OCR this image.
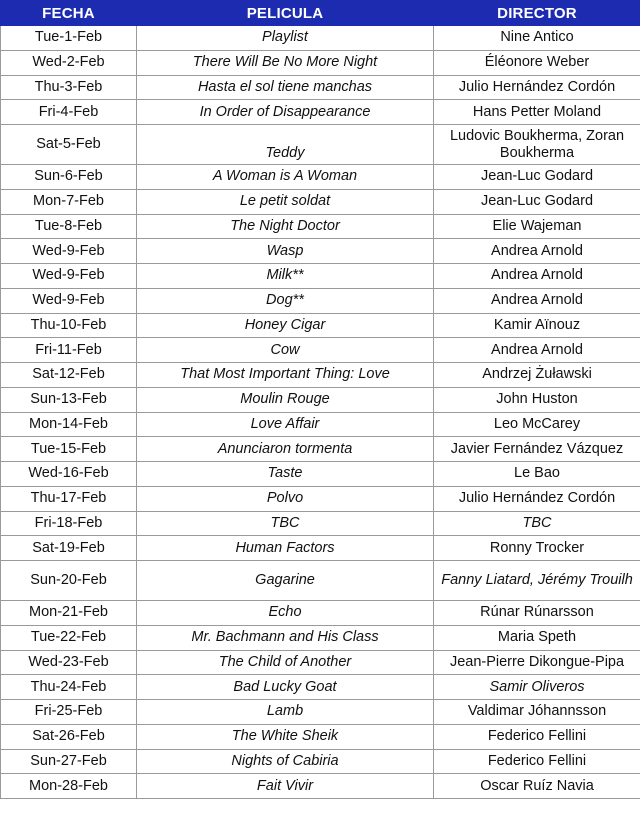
FECHA	PELICULA	DIRECTOR
Tue-1-Feb	Playlist	Nine Antico
Wed-2-Feb	There Will Be No More Night	Éléonore Weber
Thu-3-Feb	Hasta el sol tiene manchas	Julio Hernández Cordón
Fri-4-Feb	In Order of Disappearance	Hans Petter Moland
Sat-5-Feb	Teddy	Ludovic Boukherma, Zoran Boukherma
Sun-6-Feb	A Woman is A Woman	Jean-Luc Godard
Mon-7-Feb	Le petit soldat	Jean-Luc Godard
Tue-8-Feb	The Night Doctor	Elie Wajeman
Wed-9-Feb	Wasp	Andrea Arnold
Wed-9-Feb	Milk**	Andrea Arnold
Wed-9-Feb	Dog**	Andrea Arnold
Thu-10-Feb	Honey Cigar	Kamir Aïnouz
Fri-11-Feb	Cow	Andrea Arnold
Sat-12-Feb	That Most Important Thing: Love	Andrzej Żuławski
Sun-13-Feb	Moulin Rouge	John Huston
Mon-14-Feb	Love Affair	Leo McCarey
Tue-15-Feb	Anunciaron tormenta	Javier Fernández Vázquez
Wed-16-Feb	Taste	Le Bao
Thu-17-Feb	Polvo	Julio Hernández Cordón
Fri-18-Feb	TBC	TBC
Sat-19-Feb	Human Factors	Ronny Trocker
Sun-20-Feb	Gagarine	Fanny Liatard, Jérémy Trouilh
Mon-21-Feb	Echo	Rúnar Rúnarsson
Tue-22-Feb	Mr. Bachmann and His Class	Maria Speth
Wed-23-Feb	The Child of Another	Jean-Pierre Dikongue-Pipa
Thu-24-Feb	Bad Lucky Goat	Samir Oliveros
Fri-25-Feb	Lamb	Valdimar Jóhannsson
Sat-26-Feb	The White Sheik	Federico Fellini
Sun-27-Feb	Nights of Cabiria	Federico Fellini
Mon-28-Feb	Fait Vivir	Oscar Ruíz Navia
